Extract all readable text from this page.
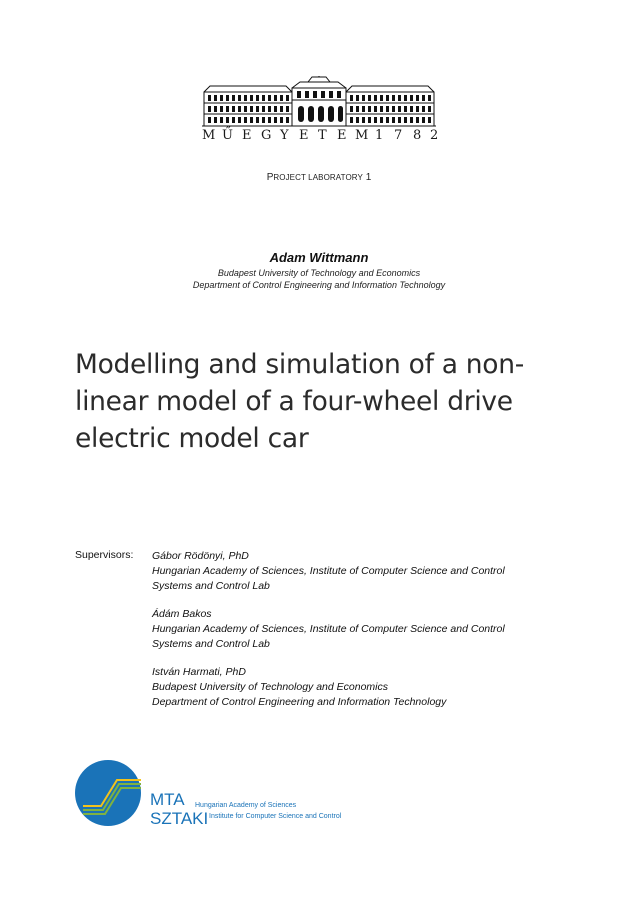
M Ű E G Y E T E M 1 7 8 2
PROJECT LABORATORY 1
Adam Wittmann
Budapest University of Technology and Economics
Department of Control Engineering and Information Technology
Modelling and simulation of a non-
linear model of a four-wheel drive
electric model car
Supervisors: Gábor Rödönyi, PhD
Hungarian Academy of Sciences, Institute of Computer Science and Control
Systems and Control Lab
Ádám Bakos
Hungarian Academy of Sciences, Institute of Computer Science and Control
Systems and Control Lab
István Harmati, PhD
Budapest University of Technology and Economics
Department of Control Engineering and Information Technology
MTA
SZTAKI
Hungarian Academy of Sciences
Institute for Computer Science and Control
